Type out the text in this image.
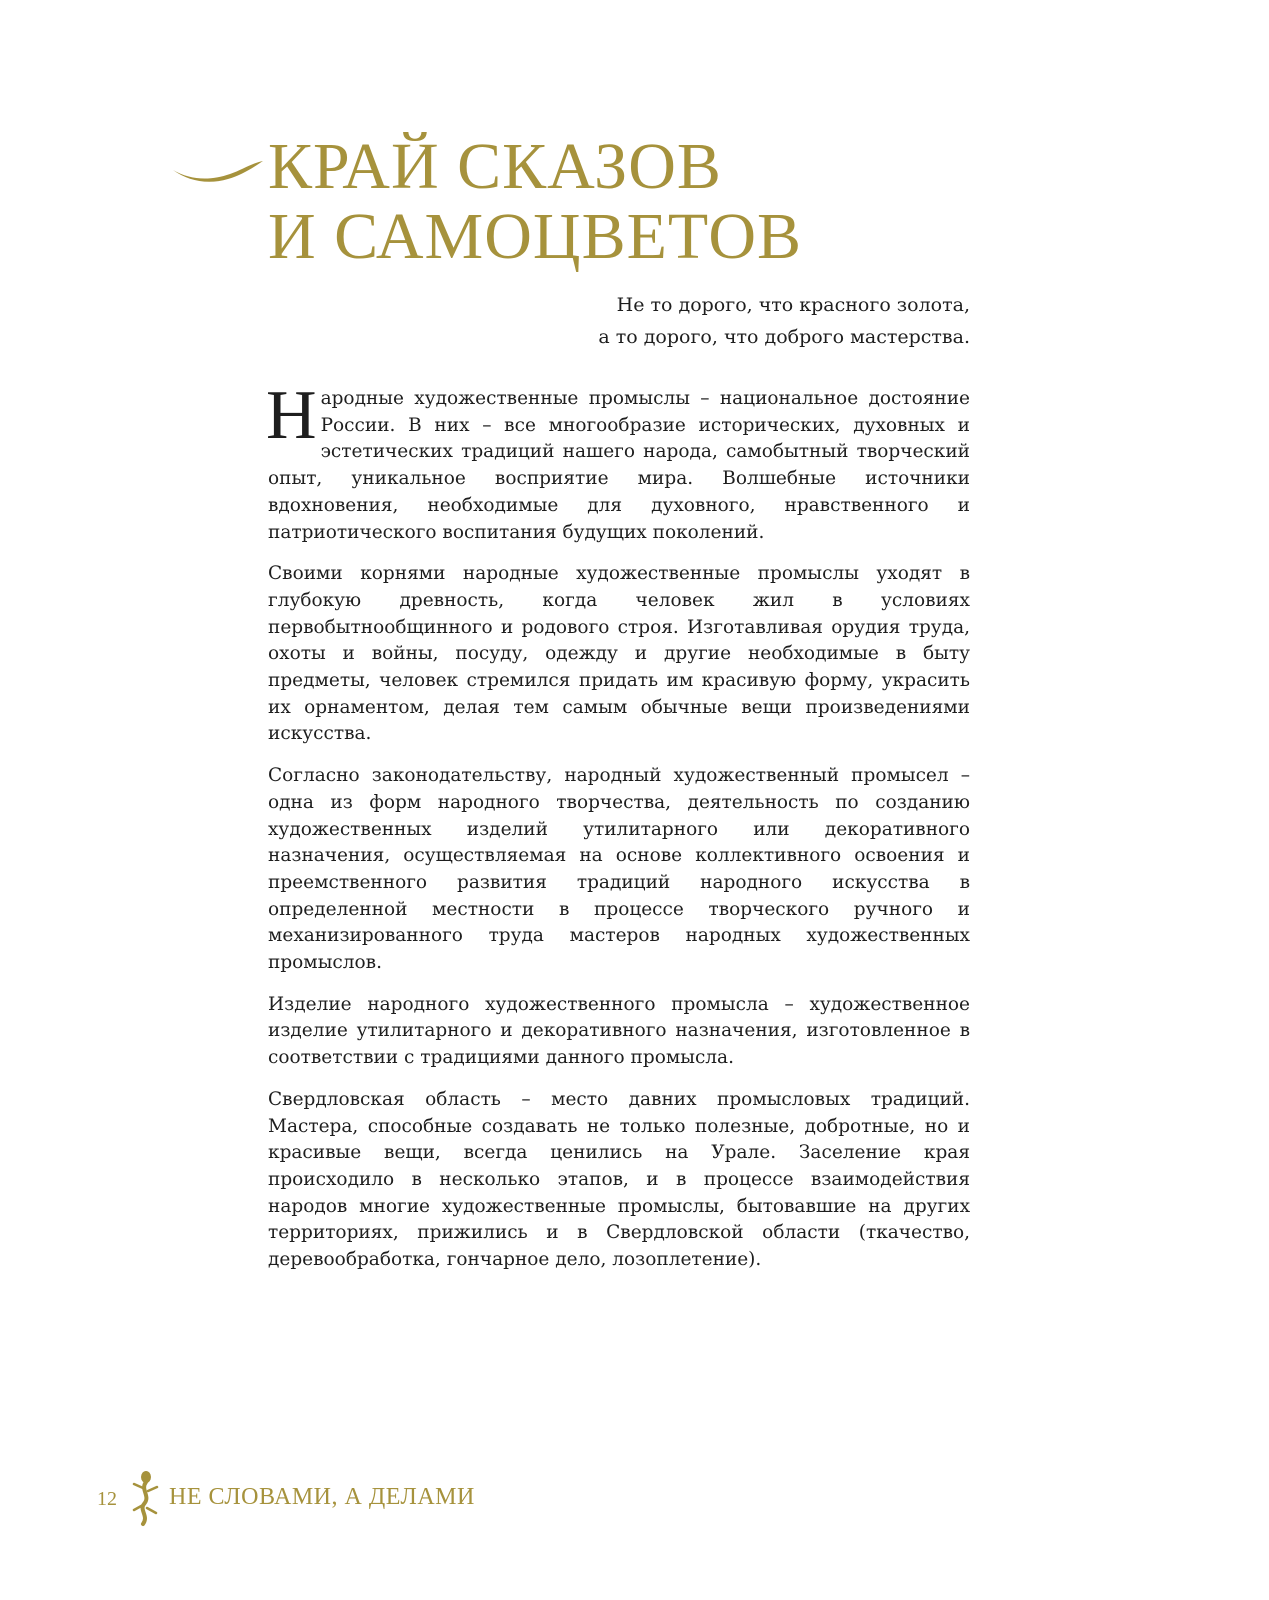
КРАЙ СКАЗОВ
И САМОЦВЕТОВ
Не то дорого, что красного золота,
а то дорого, что доброго мастерства.

Народные художественные промыслы – национальное достояние России. В них – все многообразие исторических, духовных и эстетических традиций нашего народа, самобытный творческий опыт, уникальное восприятие мира. Волшебные источники вдохновения, необходимые для духовного, нравственного и патриотического воспитания будущих поколений.

Своими корнями народные художественные промыслы уходят в глубокую древность, когда человек жил в условиях первобытнообщинного и родового строя. Изготавливая орудия труда, охоты и войны, посуду, одежду и другие необходимые в быту предметы, человек стремился придать им красивую форму, украсить их орнаментом, делая тем самым обычные вещи произведениями искусства.

Согласно законодательству, народный художественный промысел – одна из форм народного творчества, деятельность по созданию художественных изделий утилитарного или декоративного назначения, осуществляемая на основе коллективного освоения и преемственного развития традиций народного искусства в определенной местности в процессе творческого ручного и механизированного труда мастеров народных художественных промыслов.

Изделие народного художественного промысла – художественное изделие утилитарного и декоративного назначения, изготовленное в соответствии с традициями данного промысла.

Свердловская область – место давних промысловых традиций. Мастера, способные создавать не только полезные, добротные, но и красивые вещи, всегда ценились на Урале. Заселение края происходило в несколько этапов, и в процессе взаимодействия народов многие художественные промыслы, бытовавшие на других территориях, прижились и в Свердловской области (ткачество, деревообработка, гончарное дело, лозоплетение).

12 НЕ СЛОВАМИ, А ДЕЛАМИ
